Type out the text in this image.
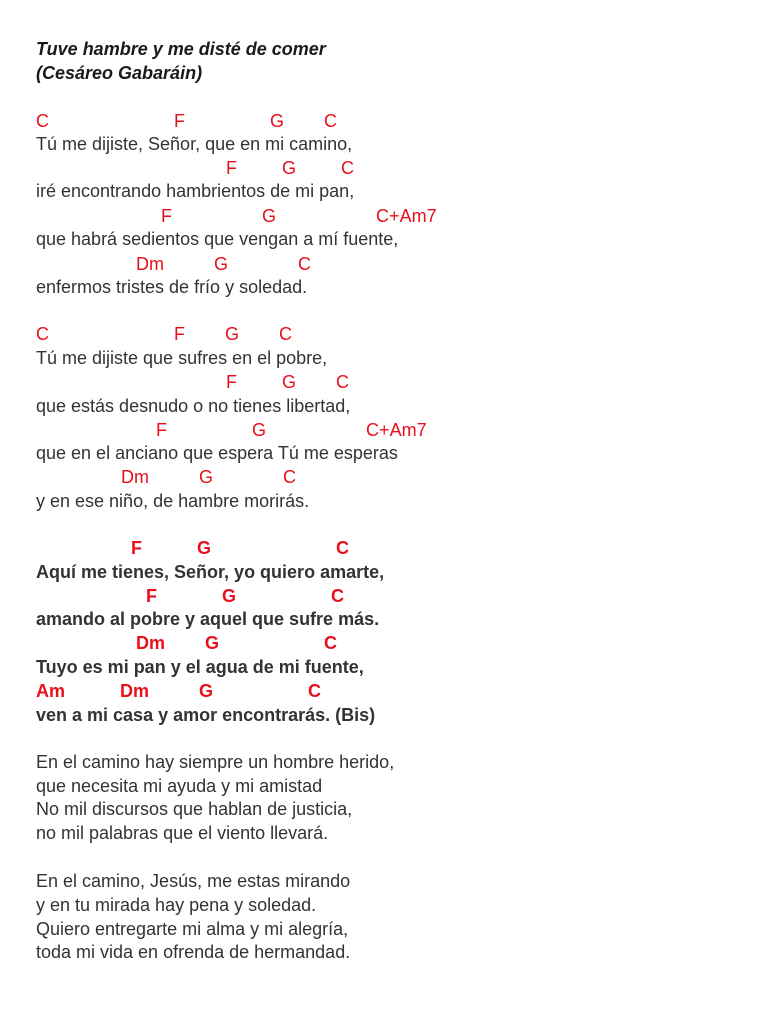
Tuve hambre y me disté de comer
(Cesáreo Gabaráin)
C                         F                 G        C
Tú me dijiste, Señor, que en mi camino,
F         G         C
iré encontrando hambrientos de mi pan,
F                  G                    C+Am7
que habrá sedientos que vengan a mí fuente,
Dm          G              C
enfermos tristes de frío y soledad.
C                         F        G        C
Tú me dijiste que sufres en el pobre,
F         G        C
que estás desnudo o no tienes libertad,
F                 G                    C+Am7
que en el anciano que espera Tú me esperas
Dm          G              C
y en ese niño, de hambre morirás.
F           G                         C
Aquí me tienes, Señor, yo quiero amarte,
F             G                   C
amando al pobre y aquel que sufre más.
Dm        G                     C
Tuyo es mi pan y el agua de mi fuente,
Am           Dm          G                   C
ven a mi casa y amor encontrarás. (Bis)
En el camino hay siempre un hombre herido,
que necesita mi ayuda y mi amistad
No mil discursos que hablan de justicia,
no mil palabras que el viento llevará.
En el camino, Jesús, me estas mirando
y en tu mirada hay pena y soledad.
Quiero entregarte mi alma y mi alegría,
toda mi vida en ofrenda de hermandad.
